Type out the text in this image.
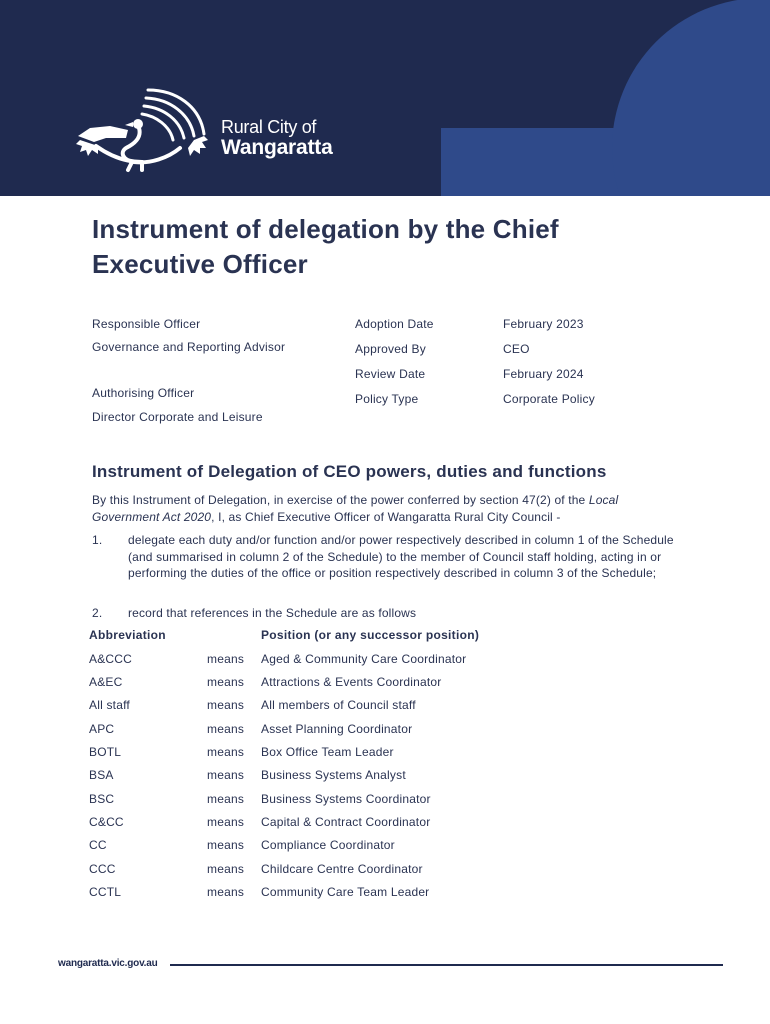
Rural City of
Wangaratta
Instrument of delegation by the Chief Executive Officer
Responsible Officer
Governance and Reporting Advisor
Authorising Officer
Director Corporate and Leisure
Adoption Date	February 2023
Approved By	CEO
Review Date	February 2024
Policy Type	Corporate Policy
Instrument of Delegation of CEO powers, duties and functions

By this Instrument of Delegation, in exercise of the power conferred by section 47(2) of the Local Government Act 2020, I, as Chief Executive Officer of Wangaratta Rural City Council -

1. delegate each duty and/or function and/or power respectively described in column 1 of the Schedule (and summarised in column 2 of the Schedule) to the member of Council staff holding, acting in or performing the duties of the office or position respectively described in column 3 of the Schedule;
2. record that references in the Schedule are as follows
Abbreviation	Position (or any successor position)
A&CCC	means Aged & Community Care Coordinator
A&EC	means Attractions & Events Coordinator
All staff	means All members of Council staff
APC	means Asset Planning Coordinator
BOTL	means Box Office Team Leader
BSA	means Business Systems Analyst
BSC	means Business Systems Coordinator
C&CC	means Capital & Contract Coordinator
CC	means Compliance Coordinator
CCC	means Childcare Centre Coordinator
CCTL	means Community Care Team Leader
wangaratta.vic.gov.au
